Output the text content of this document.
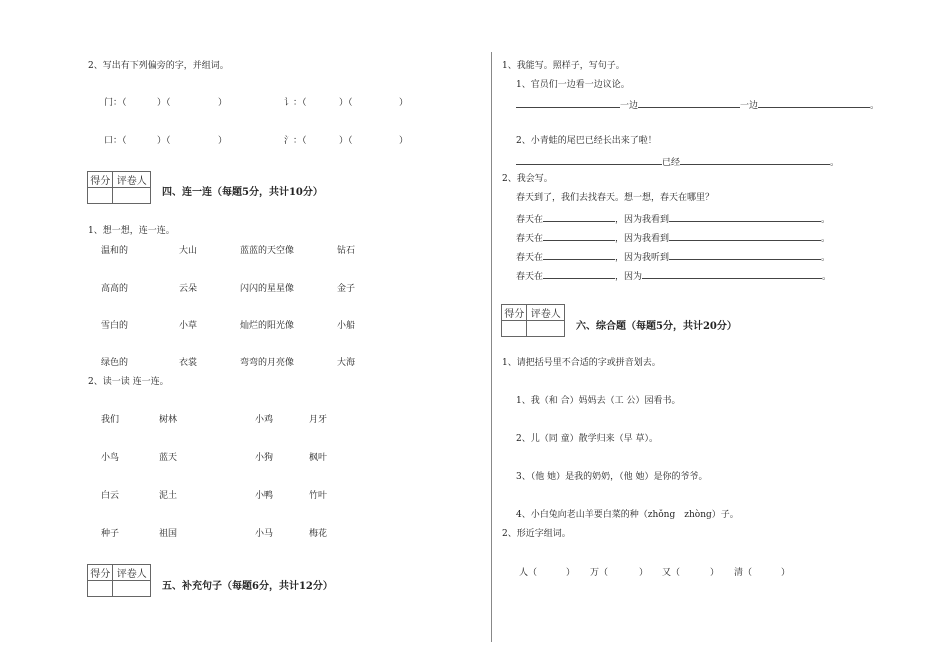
2、写出有下列偏旁的字，并组词。
门：（	）（	）	讠：（	）（	）
口：（	）（	）	氵：（	）（	）
得分	评卷人

四、连一连（每题5分，共计10分）
1、想一想，连一连。
温和的	大山	蓝蓝的天空像	钻石
高高的	云朵	闪闪的星星像	金子
雪白的	小草	灿烂的阳光像	小船
绿色的	衣裳	弯弯的月亮像	大海
2、读一读 连一连。
我们	树林	小鸡	月牙
小鸟	蓝天	小狗	枫叶
白云	泥土	小鸭	竹叶
种子	祖国	小马	梅花
得分	评卷人

五、补充句子（每题6分，共计12分）
1、我能写。照样子，写句子。
1、官员们一边看一边议论。
一边	一边	。
2、小青蛙的尾巴已经长出来了啦！
已经	。
2、我会写。
春天到了，我们去找春天。想一想，春天在哪里？
春天在	，因为我看到	。
春天在	，因为我看到	。
春天在	，因为我听到	。
春天在	，因为	。
得分	评卷人

六、综合题（每题5分，共计20分）
1、请把括号里不合适的字或拼音划去。
1、我（和 合）妈妈去（工 公）园看书。
2、儿（同 童）散学归来（早 草）。
3、（他 她）是我的奶奶，（他 她）是你的爷爷。
4、小白兔向老山羊要白菜的种（zhǒng　zhòng）子。
2、形近字组词。
人（	） 万（	） 又（	） 清（	）
